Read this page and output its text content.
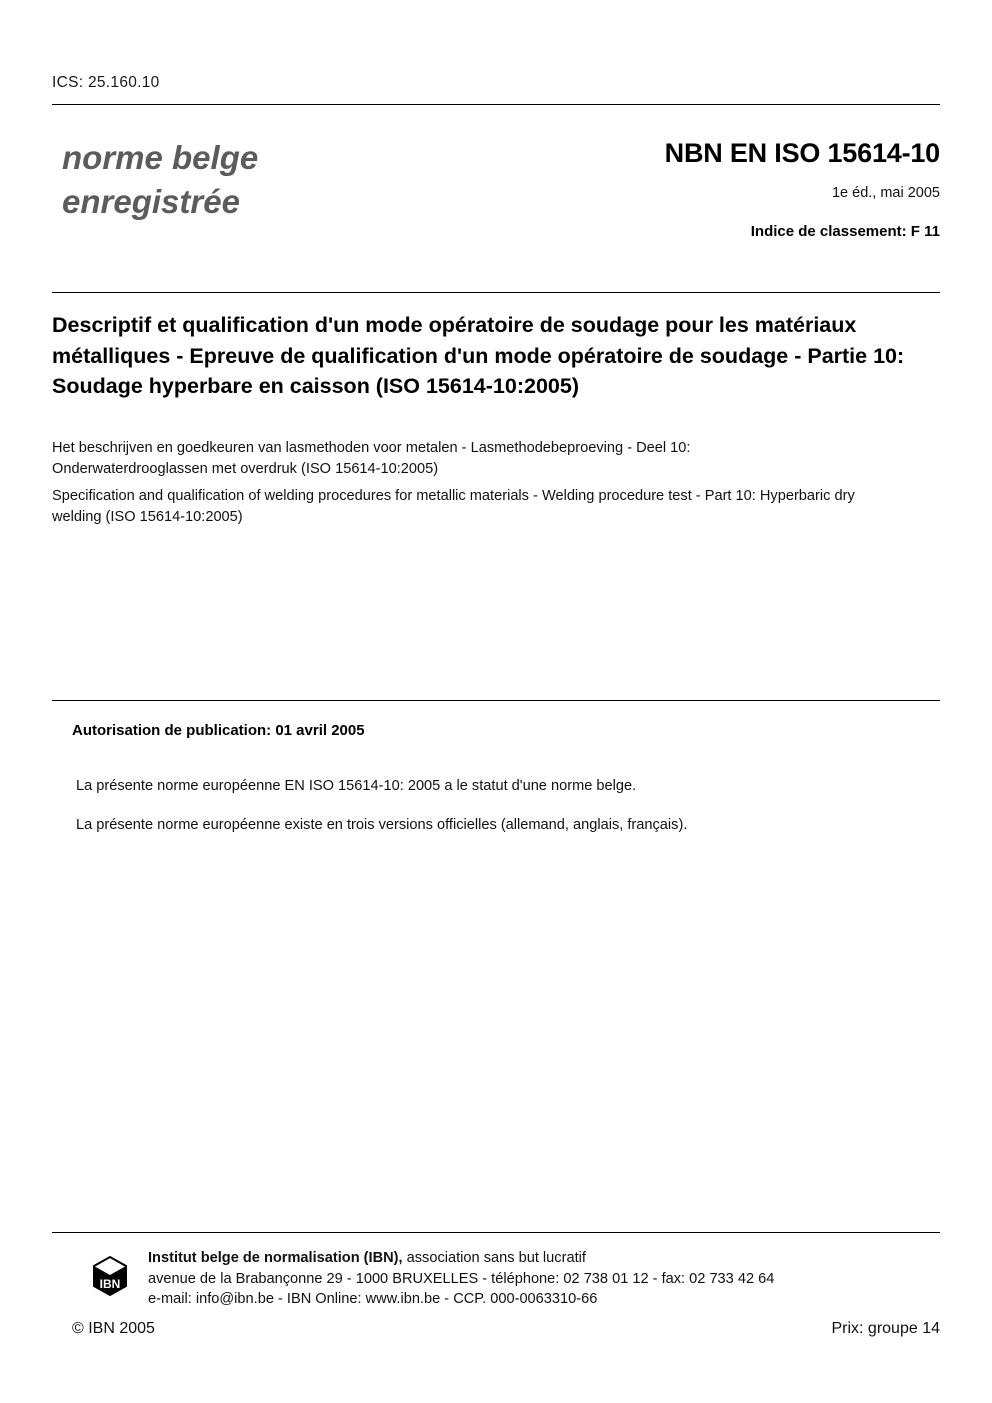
ICS: 25.160.10
norme belge
enregistrée
NBN EN ISO 15614-10
1e éd., mai 2005
Indice de classement: F 11
Descriptif et qualification d'un mode opératoire de soudage pour les matériaux métalliques - Epreuve de qualification d'un mode opératoire de soudage - Partie 10: Soudage hyperbare en caisson (ISO 15614-10:2005)
Het beschrijven en goedkeuren van lasmethoden voor metalen - Lasmethodebeproeving - Deel 10: Onderwaterdrooglassen met overdruk (ISO 15614-10:2005)
Specification and qualification of welding procedures for metallic materials - Welding procedure test - Part 10: Hyperbaric dry welding (ISO 15614-10:2005)
Autorisation de publication: 01 avril 2005
La présente norme européenne EN ISO 15614-10: 2005 a le statut d'une norme belge.
La présente norme européenne existe en trois versions officielles (allemand, anglais, français).
IBN
Institut belge de normalisation (IBN), association sans but lucratif
avenue de la Brabançonne 29 - 1000 BRUXELLES - téléphone: 02 738 01 12 - fax: 02 733 42 64
e-mail: info@ibn.be - IBN Online: www.ibn.be - CCP. 000-0063310-66
© IBN 2005	Prix: groupe 14
